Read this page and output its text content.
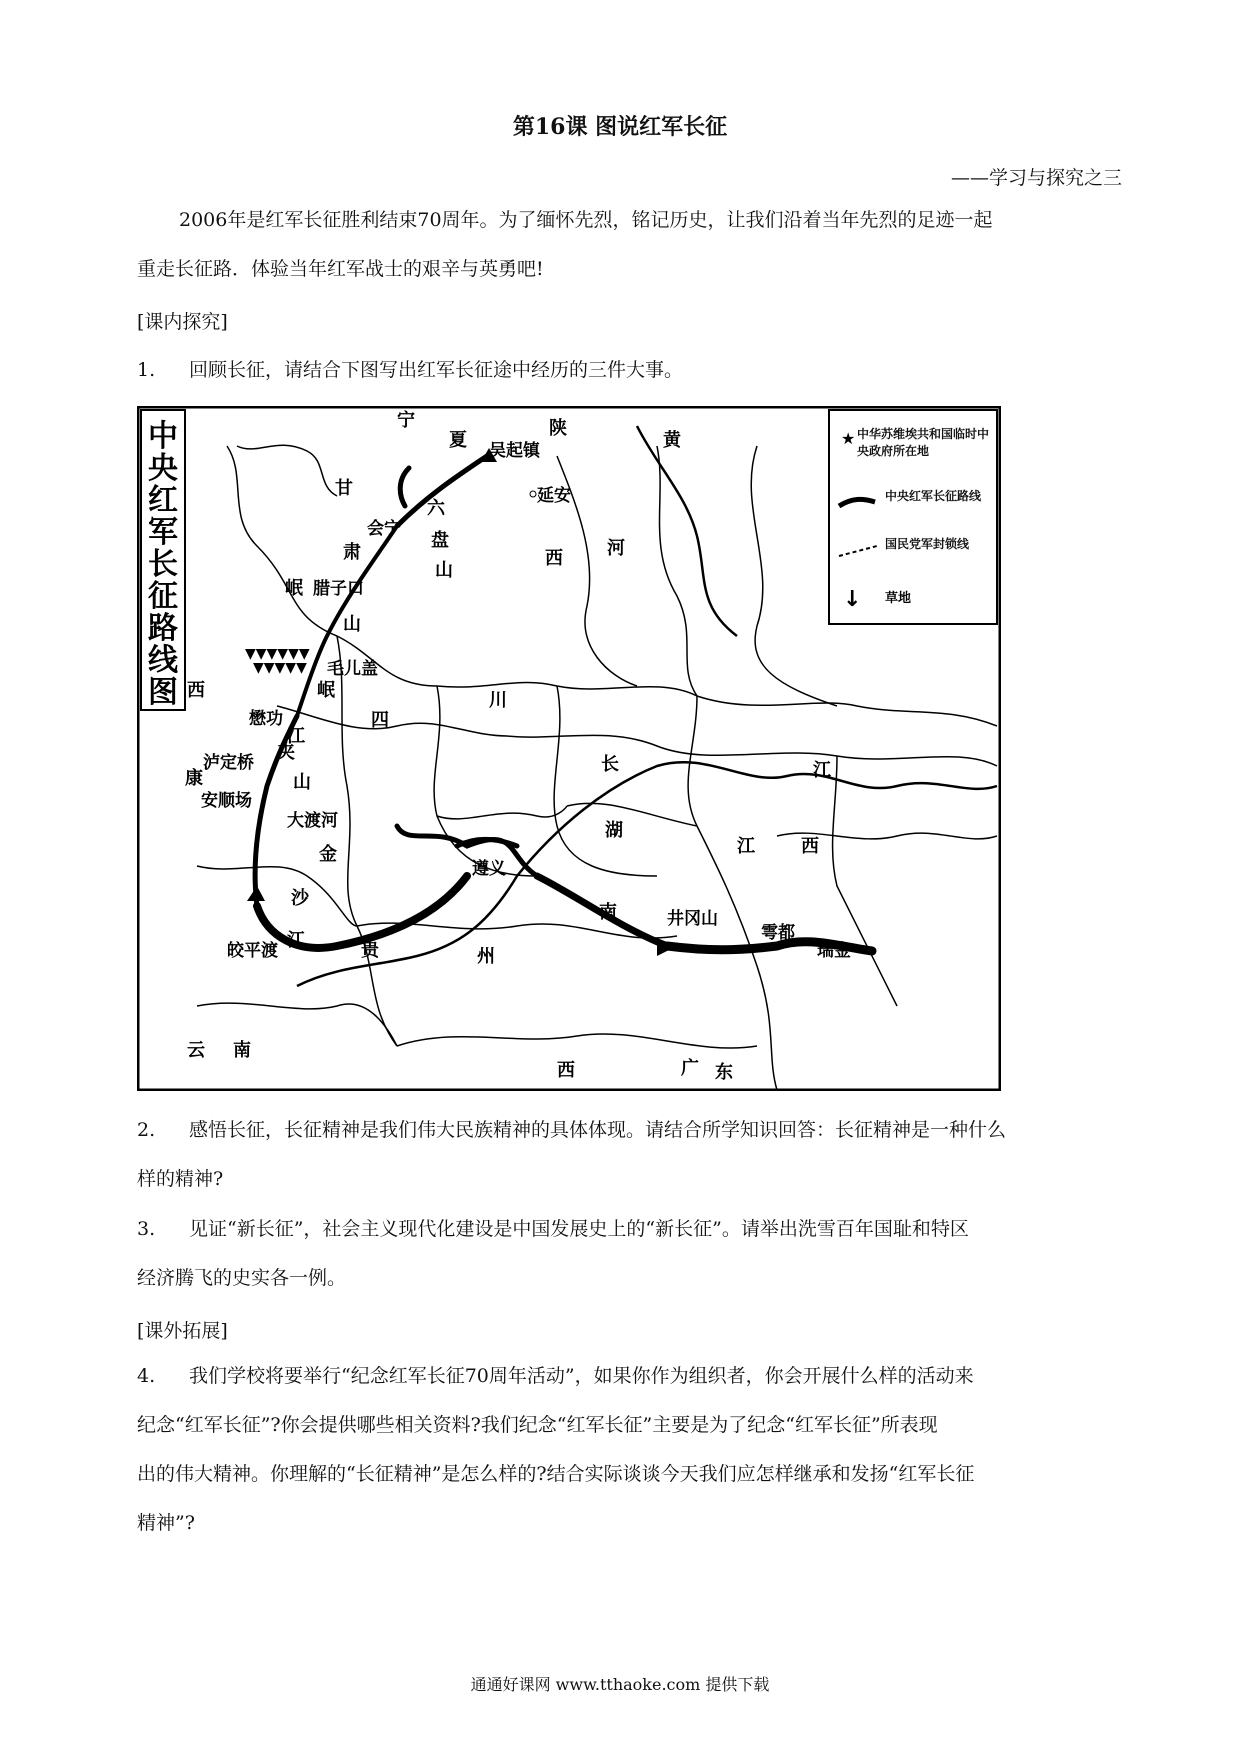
第16课 图说红军长征
——学习与探究之三
2006年是红军长征胜利结束70周年。为了缅怀先烈，铭记历史，让我们沿着当年先烈的足迹一起
重走长征路．体验当年红军战士的艰辛与英勇吧!
[课内探究]
1. 回顾长征，请结合下图写出红军长征途中经历的三件大事。
中
央
红
军
长
征
路
线
图
★ 中华苏维埃共和国临时中央政府所在地
中央红军长征路线
国民党军封锁线
↓ 草地
▼▼▼▼▼▼
▼▼▼▼▼
吴起镇
延安
会宁
腊子口
毛儿盖
懋功
泸定桥
安顺场
大渡河
遵义
皎平渡
井冈山
雩都
瑞金
宁
夏
陕
黄
甘
肃
六
盘
山
西 河
岷
山
岷
西
康
夹
江
山
四
川
长	江
湖
南
江	西
金
沙
江	贵	州
云 南
西	广 东
2. 感悟长征，长征精神是我们伟大民族精神的具体体现。请结合所学知识回答：长征精神是一种什么
样的精神?
3. 见证“新长征”，社会主义现代化建设是中国发展史上的“新长征”。请举出洗雪百年国耻和特区
经济腾飞的史实各一例。
[课外拓展]
4. 我们学校将要举行“纪念红军长征70周年活动”，如果你作为组织者，你会开展什么样的活动来
纪念“红军长征”?你会提供哪些相关资料?我们纪念“红军长征”主要是为了纪念“红军长征”所表现
出的伟大精神。你理解的“长征精神”是怎么样的?结合实际谈谈今天我们应怎样继承和发扬“红军长征
精神”?
通通好课网 www.tthaoke.com 提供下载
